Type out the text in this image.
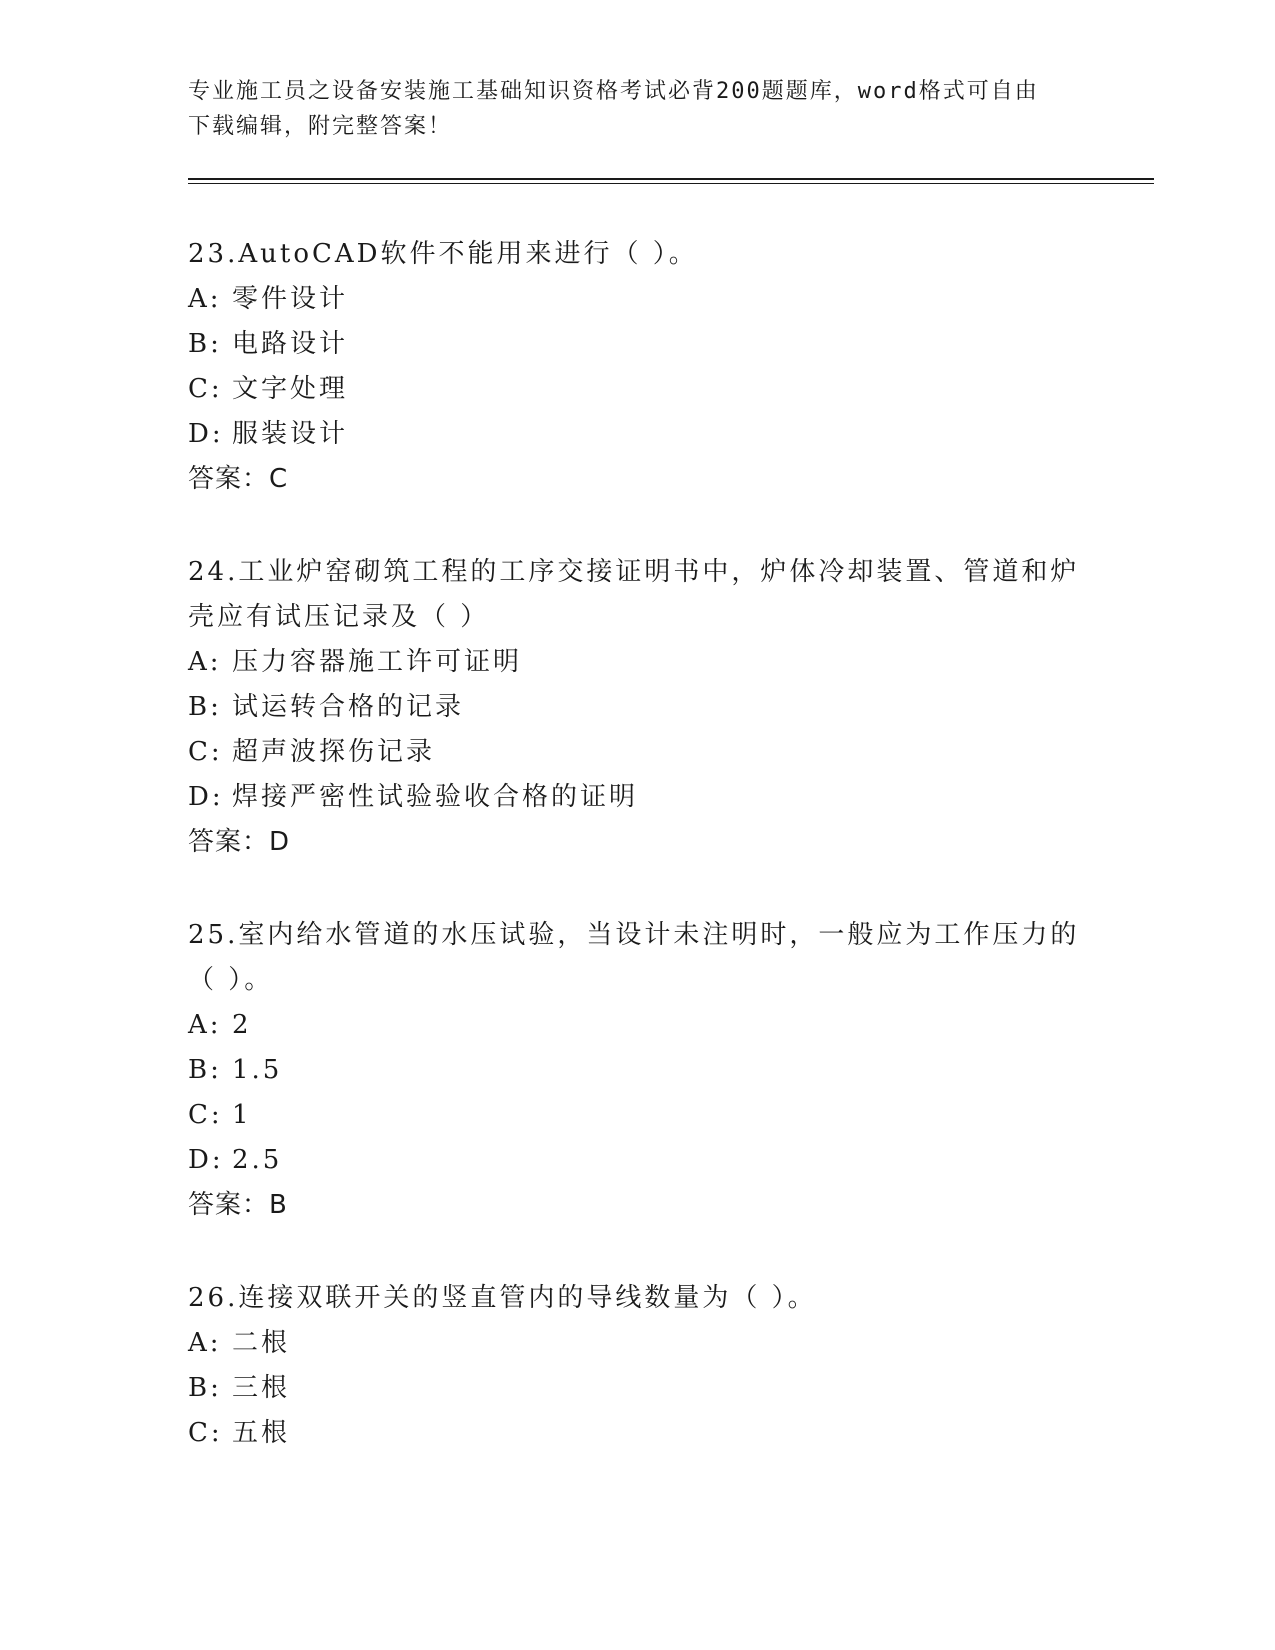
专业施工员之设备安装施工基础知识资格考试必背200题题库，word格式可自由
下载编辑，附完整答案！

23.AutoCAD软件不能用来进行（ ）。

A: 零件设计

B: 电路设计

C: 文字处理

D: 服装设计

答案：C

24.工业炉窑砌筑工程的工序交接证明书中，炉体冷却装置、管道和炉壳应有试压记录及（ ）

A: 压力容器施工许可证明

B: 试运转合格的记录

C: 超声波探伤记录

D: 焊接严密性试验验收合格的证明

答案：D

25.室内给水管道的水压试验，当设计未注明时，一般应为工作压力的（ ）。

A: 2

B: 1.5

C: 1

D: 2.5

答案：B

26.连接双联开关的竖直管内的导线数量为（ ）。

A: 二根

B: 三根

C: 五根
